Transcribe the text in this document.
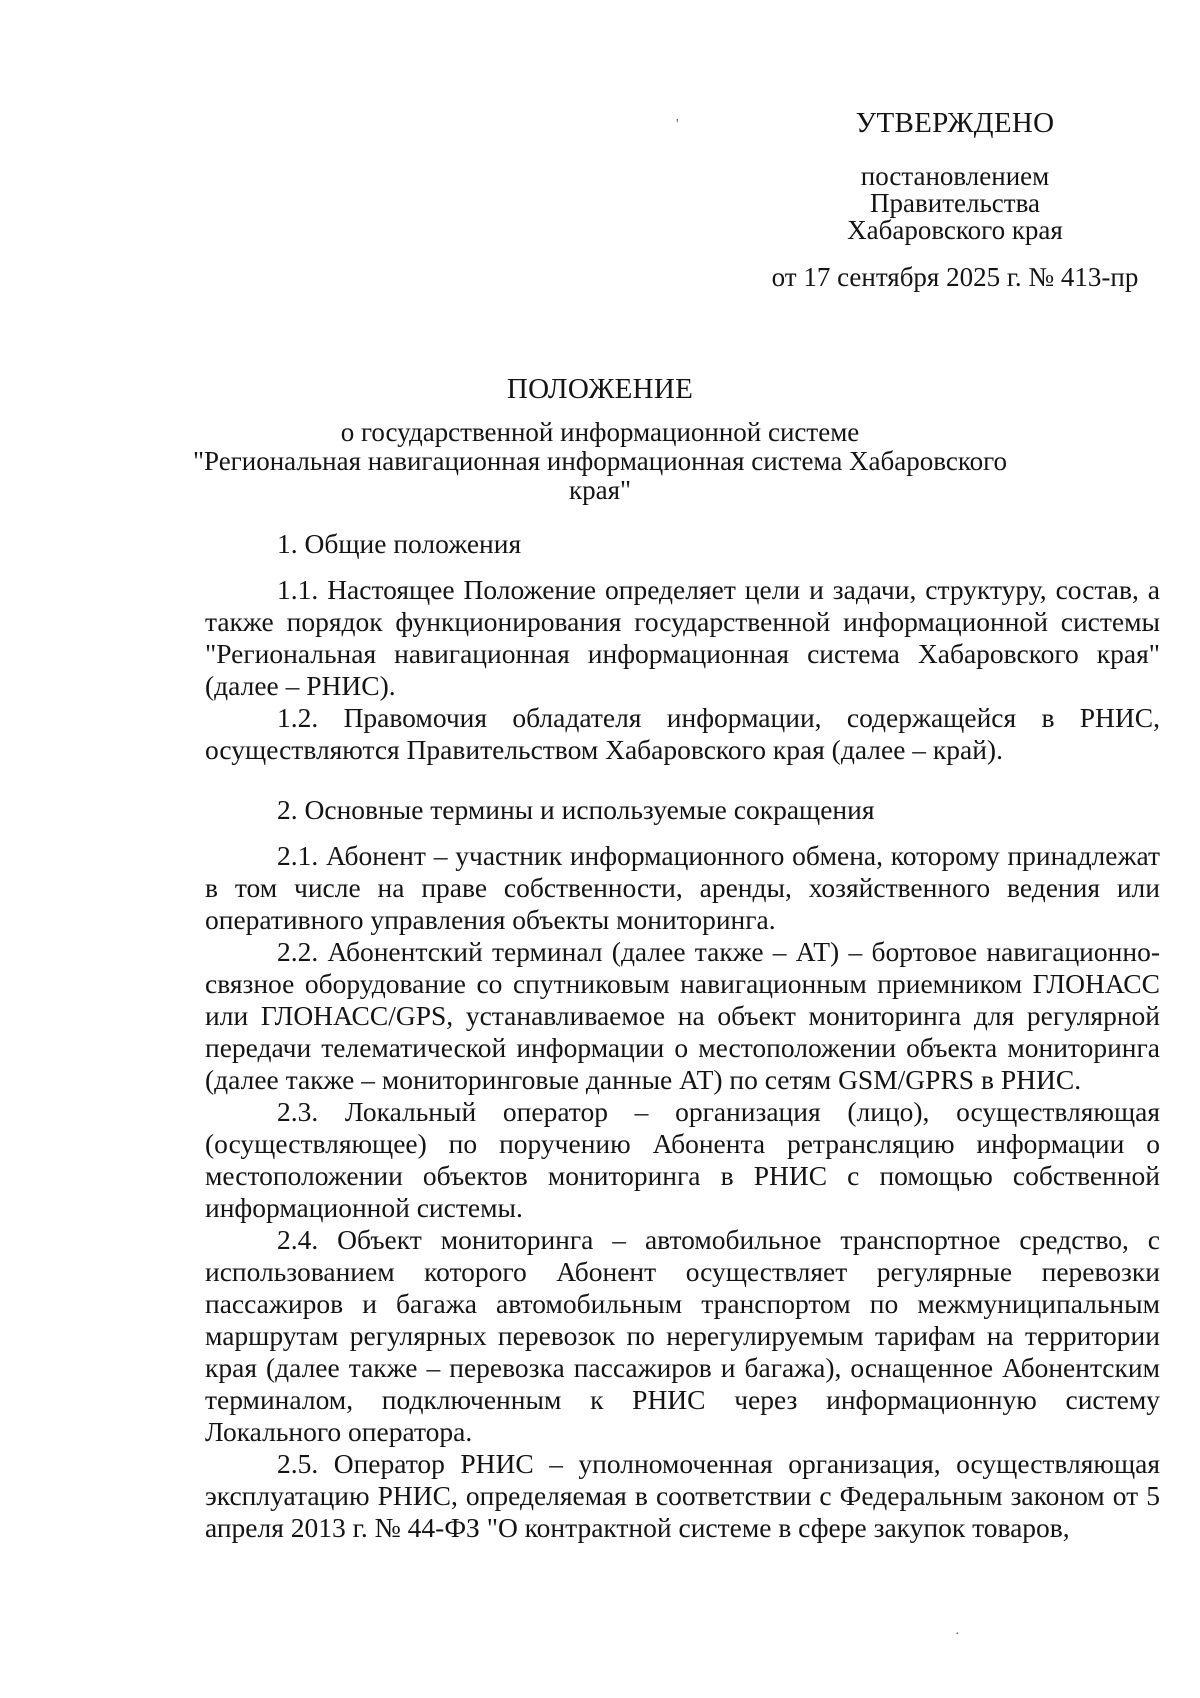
'	УТВЕРЖДЕНО
постановлением
Правительства
Хабаровского края
от 17 сентября 2025 г. № 413-пр
ПОЛОЖЕНИЕ
о государственной информационной системе
"Региональная навигационная информационная система Хабаровского края"
1. Общие положения

1.1. Настоящее Положение определяет цели и задачи, структуру, состав, а также порядок функционирования государственной информационной системы "Региональная навигационная информационная система Хабаровского края" (далее – РНИС).

1.2. Правомочия обладателя информации, содержащейся в РНИС, осуществляются Правительством Хабаровского края (далее – край).

2. Основные термины и используемые сокращения

2.1. Абонент – участник информационного обмена, которому принадлежат в том числе на праве собственности, аренды, хозяйственного ведения или оперативного управления объекты мониторинга.

2.2. Абонентский терминал (далее также – АТ) – бортовое навигационно-связное оборудование со спутниковым навигационным приемником ГЛОНАСС или ГЛОНАСС/GPS, устанавливаемое на объект мониторинга для регулярной передачи телематической информации о местоположении объекта мониторинга (далее также – мониторинговые данные АТ) по сетям GSM/GPRS в РНИС.

2.3. Локальный оператор – организация (лицо), осуществляющая (осуществляющее) по поручению Абонента ретрансляцию информации о местоположении объектов мониторинга в РНИС с помощью собственной информационной системы.

2.4. Объект мониторинга – автомобильное транспортное средство, с использованием которого Абонент осуществляет регулярные перевозки пассажиров и багажа автомобильным транспортом по межмуниципальным маршрутам регулярных перевозок по нерегулируемым тарифам на территории края (далее также – перевозка пассажиров и багажа), оснащенное Абонентским терминалом, подключенным к РНИС через информационную систему Локального оператора.

2.5. Оператор РНИС – уполномоченная организация, осуществляющая эксплуатацию РНИС, определяемая в соответствии с Федеральным законом от 5 апреля 2013 г. № 44-ФЗ "О контрактной системе в сфере закупок товаров,

·
